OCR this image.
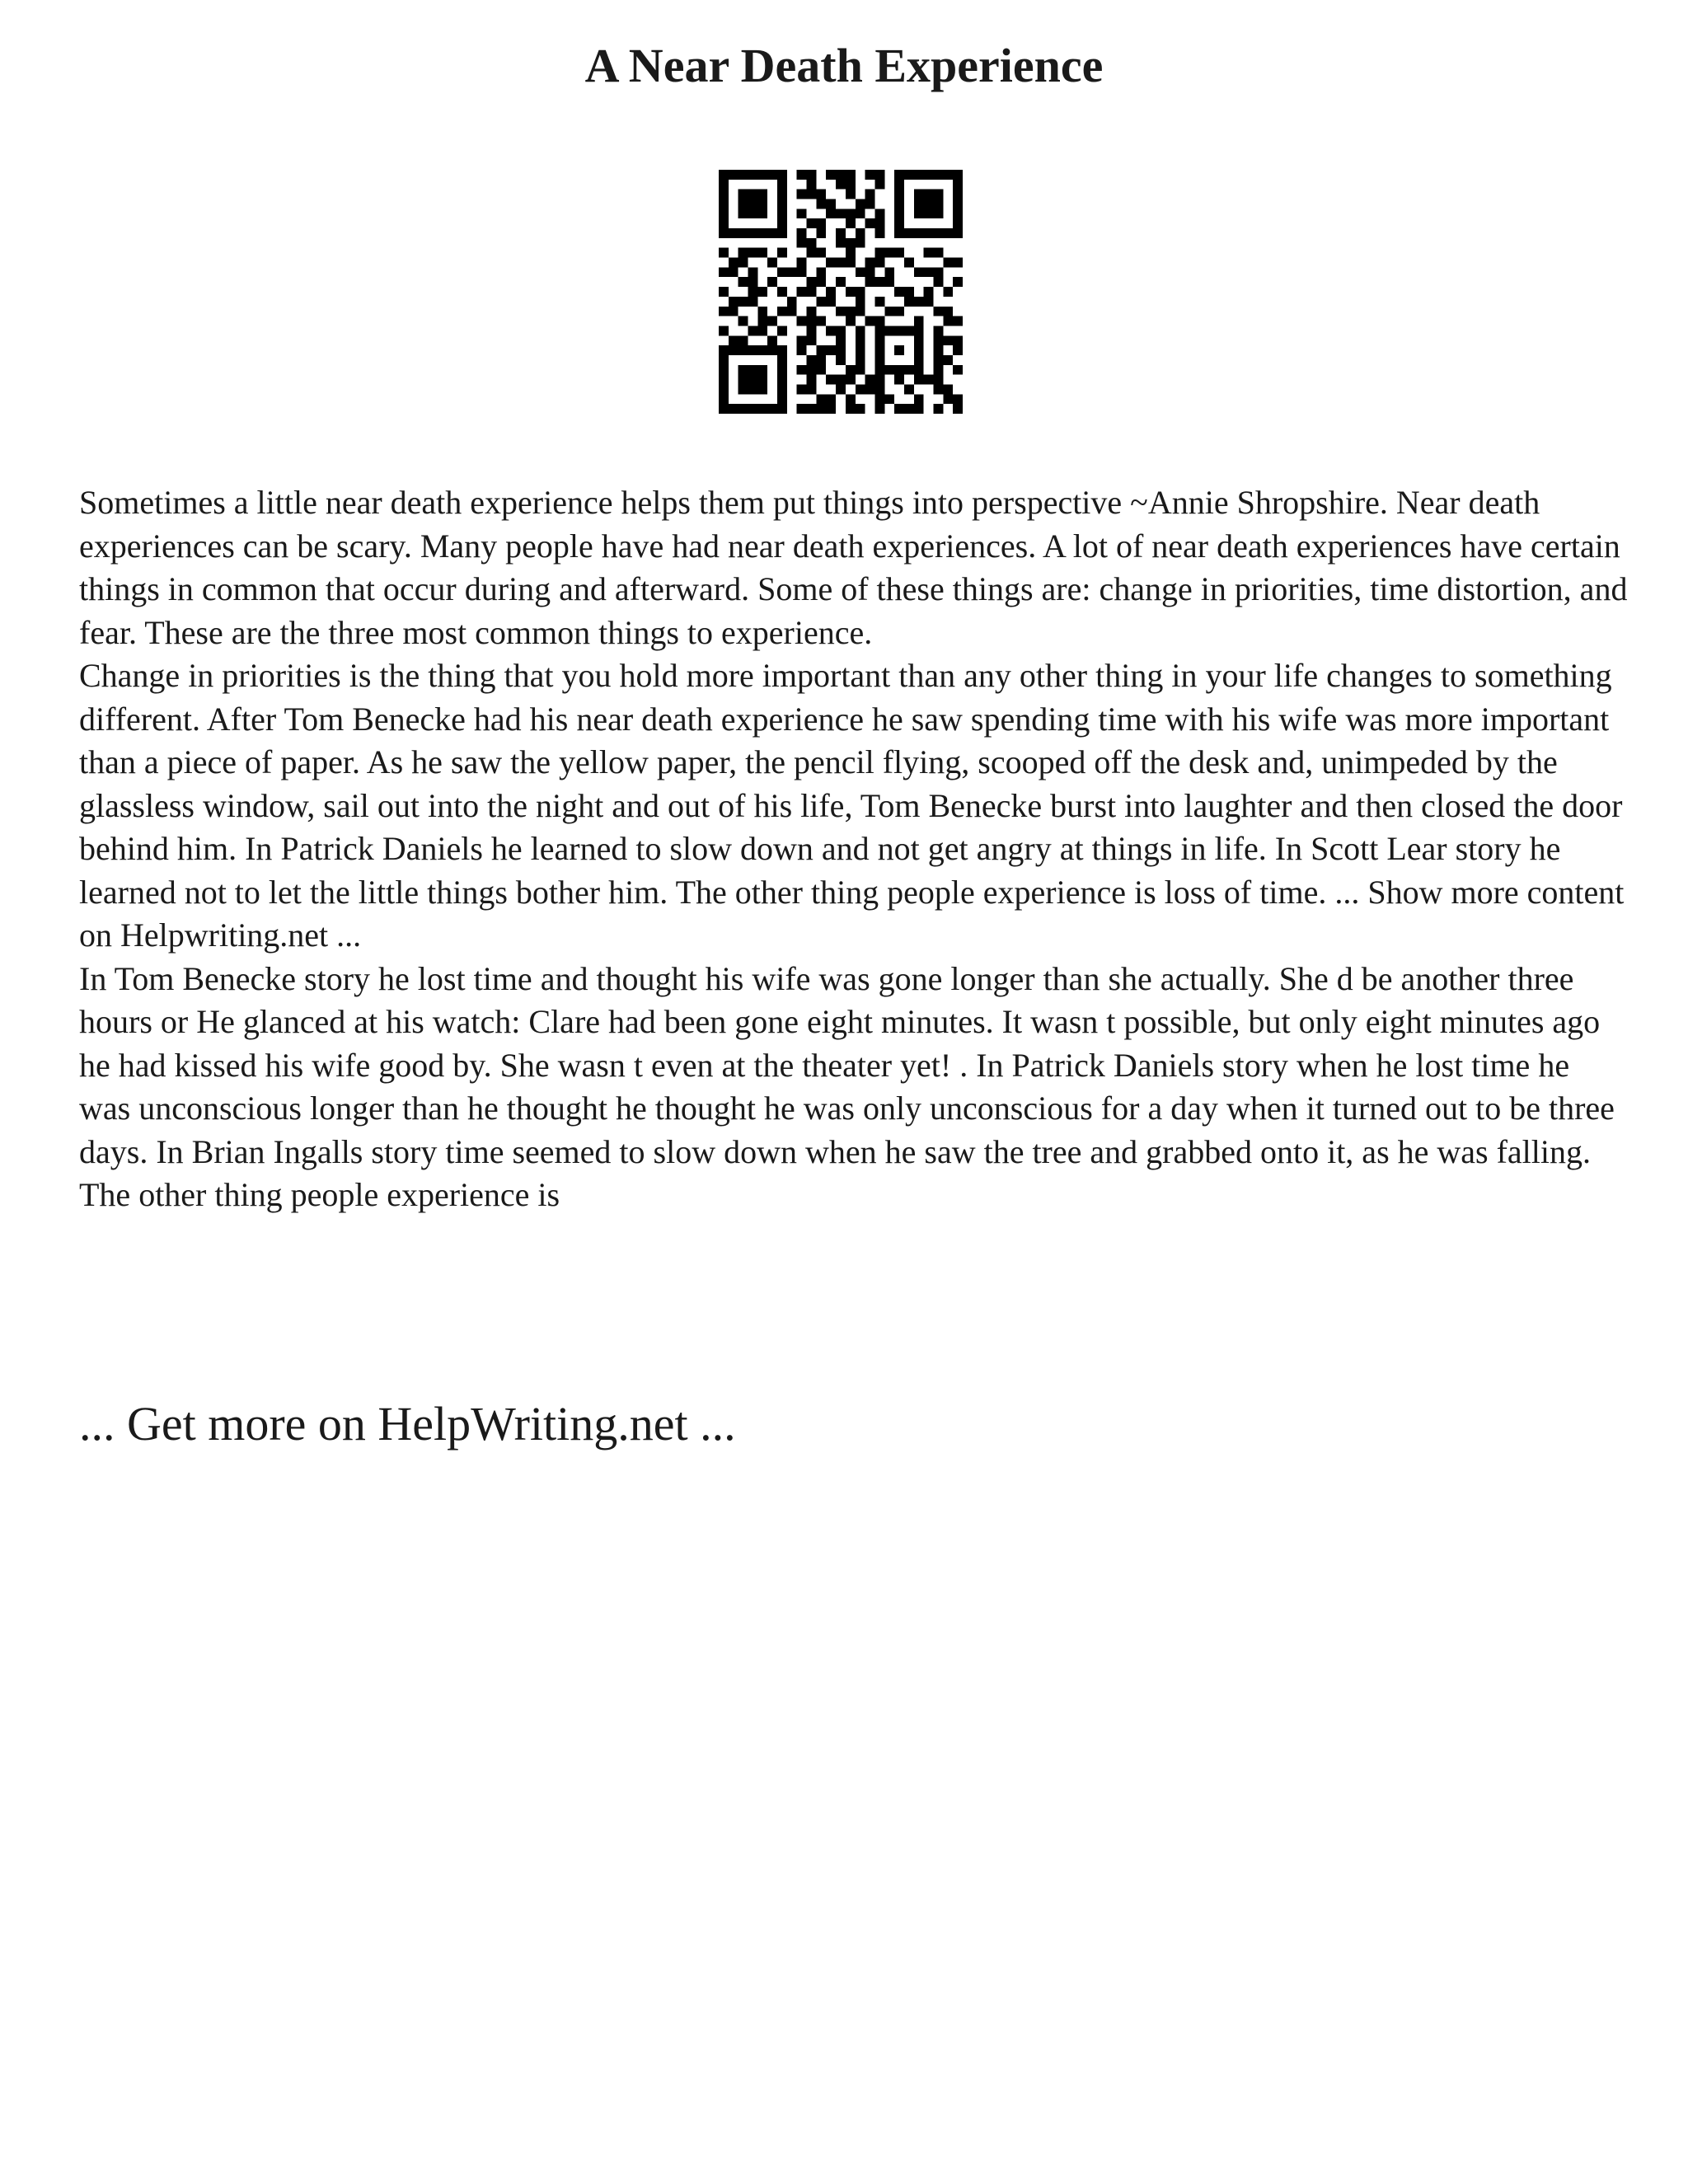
A Near Death Experience

Sometimes a little near death experience helps them put things into perspective ~Annie Shropshire. Near death experiences can be scary. Many people have had near death experiences. A lot of near death experiences have certain things in common that occur during and afterward. Some of these things are: change in priorities, time distortion, and fear. These are the three most common things to experience.

Change in priorities is the thing that you hold more important than any other thing in your life changes to something different. After Tom Benecke had his near death experience he saw spending time with his wife was more important than a piece of paper. As he saw the yellow paper, the pencil flying, scooped off the desk and, unimpeded by the glassless window, sail out into the night and out of his life, Tom Benecke burst into laughter and then closed the door behind him. In Patrick Daniels he learned to slow down and not get angry at things in life. In Scott Lear story he learned not to let the little things bother him. The other thing people experience is loss of time. ... Show more content on Helpwriting.net ...

In Tom Benecke story he lost time and thought his wife was gone longer than she actually. She d be another three hours or He glanced at his watch: Clare had been gone eight minutes. It wasn t possible, but only eight minutes ago he had kissed his wife good by. She wasn t even at the theater yet! . In Patrick Daniels story when he lost time he was unconscious longer than he thought he thought he was only unconscious for a day when it turned out to be three days. In Brian Ingalls story time seemed to slow down when he saw the tree and grabbed onto it, as he was falling. The other thing people experience is

... Get more on HelpWriting.net ...
